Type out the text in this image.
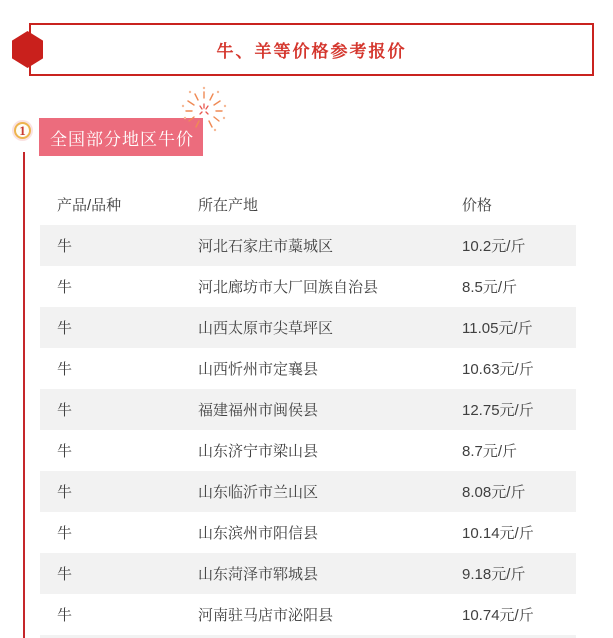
牛、羊等价格参考报价
1 全国部分地区牛价
产品/品种	所在产地	价格
牛	河北石家庄市藁城区	10.2元/斤
牛	河北廊坊市大厂回族自治县	8.5元/斤
牛	山西太原市尖草坪区	11.05元/斤
牛	山西忻州市定襄县	10.63元/斤
牛	福建福州市闽侯县	12.75元/斤
牛	山东济宁市梁山县	8.7元/斤
牛	山东临沂市兰山区	8.08元/斤
牛	山东滨州市阳信县	10.14元/斤
牛	山东菏泽市郓城县	9.18元/斤
牛	河南驻马店市泌阳县	10.74元/斤
